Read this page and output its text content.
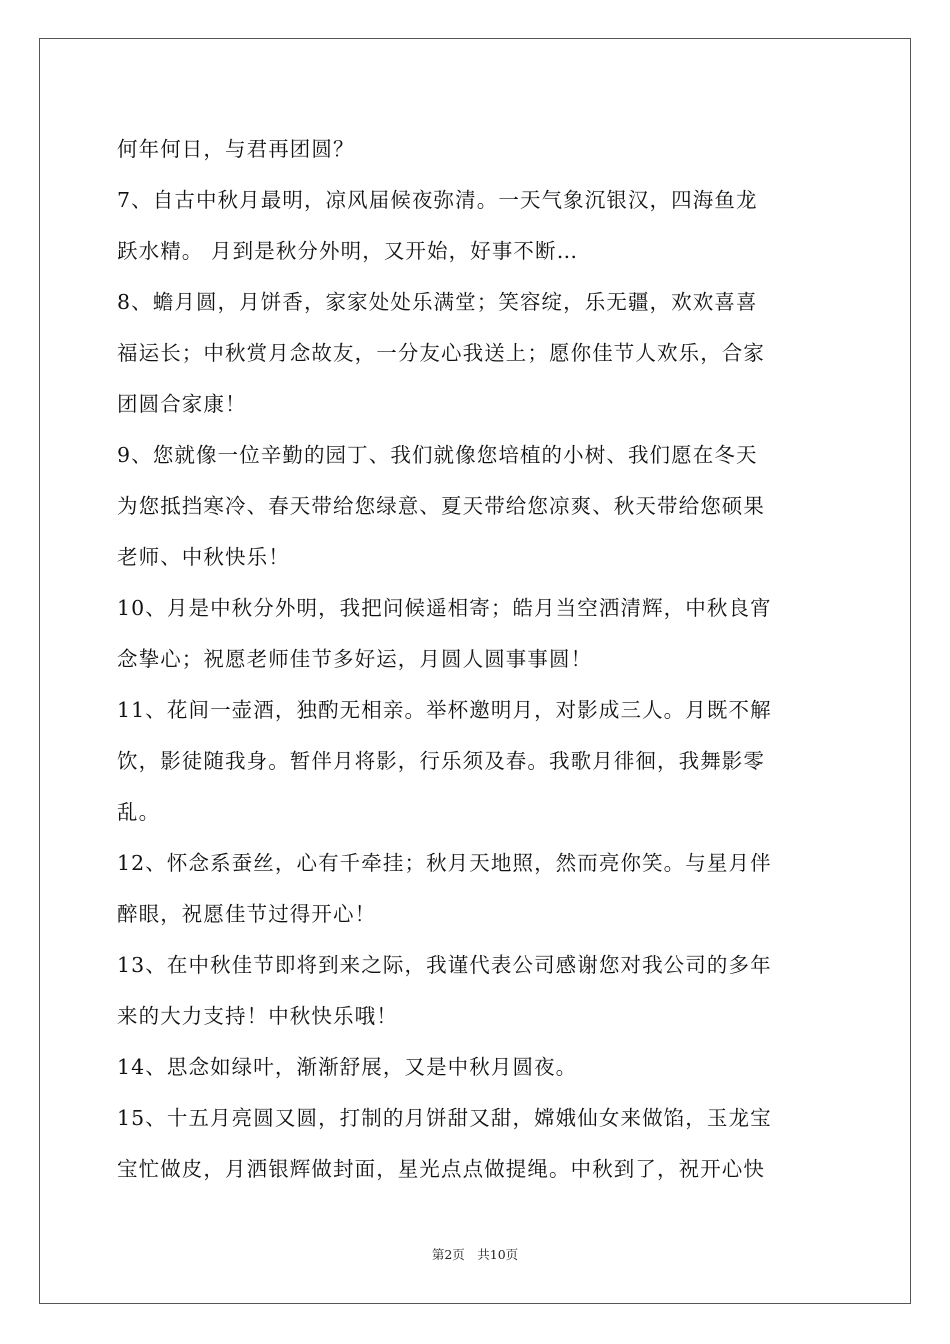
何年何日，与君再团圆？
7、自古中秋月最明，凉风届候夜弥清。一天气象沉银汉，四海鱼龙
跃水精。 月到是秋分外明，又开始，好事不断…
8、蟾月圆，月饼香，家家处处乐满堂；笑容绽，乐无疆，欢欢喜喜
福运长；中秋赏月念故友，一分友心我送上；愿你佳节人欢乐，合家
团圆合家康！
9、您就像一位辛勤的园丁、我们就像您培植的小树、我们愿在冬天
为您抵挡寒冷、春天带给您绿意、夏天带给您凉爽、秋天带给您硕果
老师、中秋快乐！
10、月是中秋分外明，我把问候遥相寄；皓月当空洒清辉，中秋良宵
念挚心；祝愿老师佳节多好运，月圆人圆事事圆！
11、花间一壶酒，独酌无相亲。举杯邀明月，对影成三人。月既不解
饮，影徒随我身。暂伴月将影，行乐须及春。我歌月徘徊，我舞影零
乱。
12、怀念系蚕丝，心有千牵挂；秋月天地照，然而亮你笑。与星月伴
醉眼，祝愿佳节过得开心！
13、在中秋佳节即将到来之际，我谨代表公司感谢您对我公司的多年
来的大力支持！中秋快乐哦！
14、思念如绿叶，渐渐舒展，又是中秋月圆夜。
15、十五月亮圆又圆，打制的月饼甜又甜，嫦娥仙女来做馅，玉龙宝
宝忙做皮，月洒银辉做封面，星光点点做提绳。中秋到了，祝开心快
第2页　共10页
